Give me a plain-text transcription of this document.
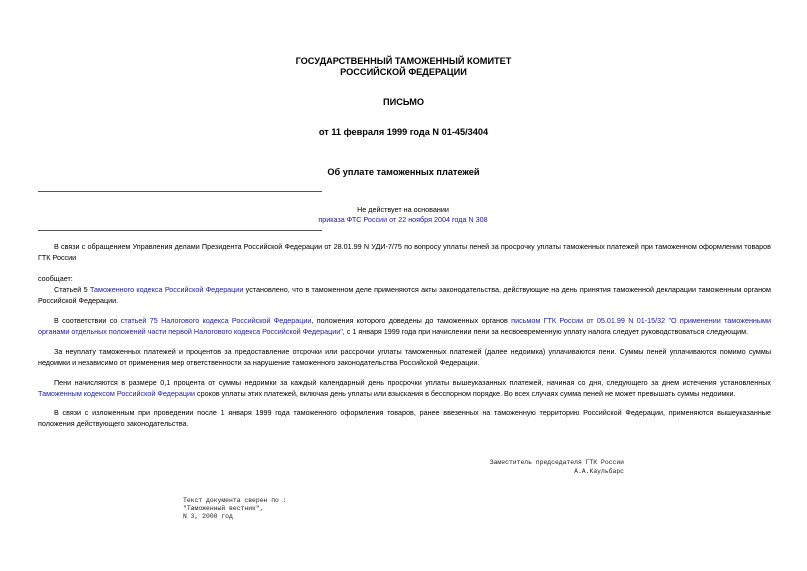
ГОСУДАРСТВЕННЫЙ ТАМОЖЕННЫЙ КОМИТЕТ
РОССИЙСКОЙ ФЕДЕРАЦИИ
ПИСЬМО
от 11 февраля 1999 года N 01-45/3404
Об уплате таможенных платежей
Не действует на основании
приказа ФТС России от 22 ноября 2004 года N 308

В связи с обращением Управления делами Президента Российской Федерации от 28.01.99 N УДИ-7/75 по вопросу уплаты пеней за просрочку уплаты таможенных платежей при таможенном оформлении товаров ГТК России

сообщает:

Статьей 5 Таможенного кодекса Российской Федерации установлено, что в таможенном деле применяются акты законодательства, действующие на день принятия таможенной декларации таможенным органом Российской Федерации.

В соответствии со статьей 75 Налогового кодекса Российской Федерации, положения которого доведены до таможенных органов письмом ГТК России от 05.01.99 N 01-15/32 "О применении таможенными органами отдельных положений части первой Налогового кодекса Российской Федерации", с 1 января 1999 года при начислении пени за несвоевременную уплату налога следует руководствоваться следующим.

За неуплату таможенных платежей и процентов за предоставление отсрочки или рассрочки уплаты таможенных платежей (далее недоимка) уплачиваются пени. Суммы пеней уплачиваются помимо суммы недоимки и независимо от применения мер ответственности за нарушение таможенного законодательства Российской Федерации.

Пени начисляются в размере 0,1 процента от суммы недоимки за каждый календарный день просрочки уплаты вышеуказанных платежей, начиная со дня, следующего за днем истечения установленных Таможенным кодексом Российской Федерации сроков уплаты этих платежей, включая день уплаты или взыскания в бесспорном порядке. Во всех случаях сумма пеней не может превышать суммы недоимки.

В связи с изложенным при проведении после 1 января 1999 года таможенного оформления товаров, ранее ввезенных на таможенную территорию Российской Федерации, применяются вышеуказанные положения действующего законодательства.

Заместитель председателя ГТК России
А.А.Каульбарс
Текст документа сверен по :
"Таможенный вестник",
N 3, 2000 год
